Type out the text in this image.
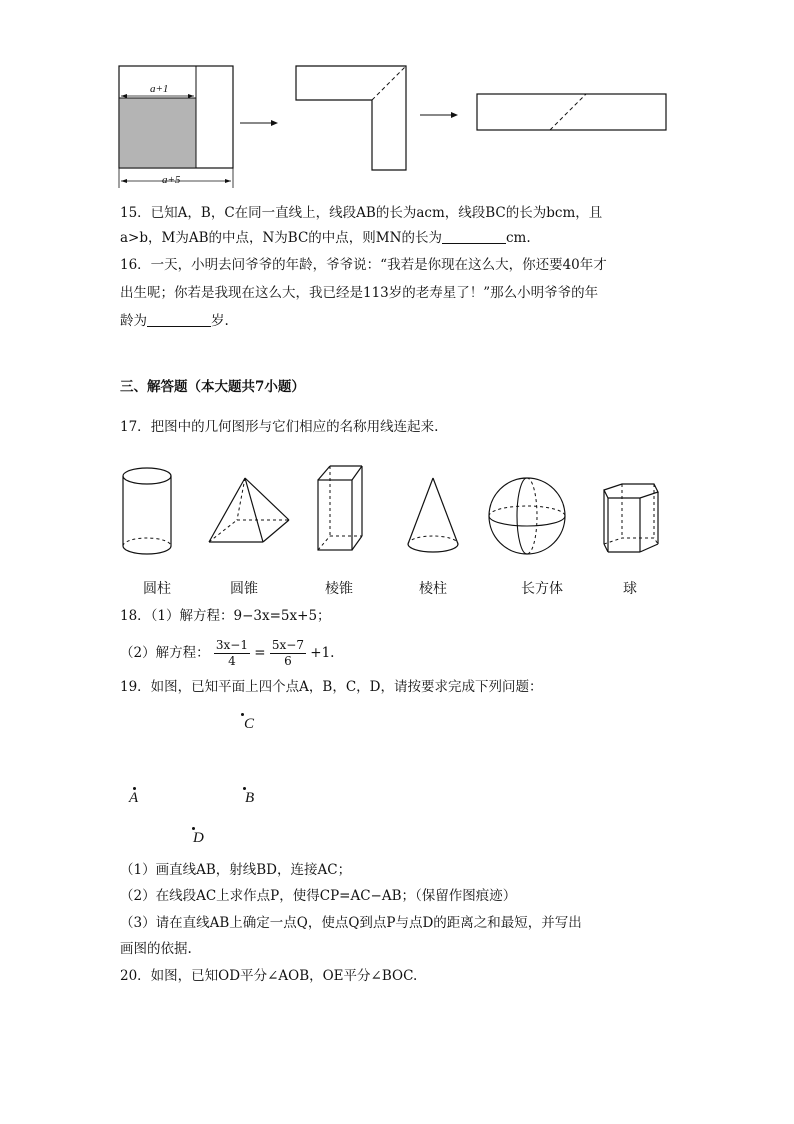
a+1
a+5
15．已知A，B，C在同一直线上，线段AB的长为acm，线段BC的长为bcm，且
a>b，M为AB的中点，N为BC的中点，则MN的长为	cm.
16．一天，小明去问爷爷的年龄，爷爷说：“我若是你现在这么大，你还要40年才
出生呢；你若是我现在这么大，我已经是113岁的老寿星了！”那么小明爷爷的年
龄为	岁.
三、解答题（本大题共7小题）
17．把图中的几何图形与它们相应的名称用线连起来.
圆柱	圆锥	棱锥	棱柱	长方体	球
18．（1）解方程：9−3x=5x+5；
（2）解方程： $\frac{3x-1}{4} = \frac{5x-7}{6} +1$.
19．如图，已知平面上四个点A，B，C，D，请按要求完成下列问题：
C
A	B
D
（1）画直线AB，射线BD，连接AC；
（2）在线段AC上求作点P，使得CP=AC−AB；（保留作图痕迹）
（3）请在直线AB上确定一点Q，使点Q到点P与点D的距离之和最短，并写出
画图的依据.
20．如图，已知OD平分∠AOB，OE平分∠BOC.
